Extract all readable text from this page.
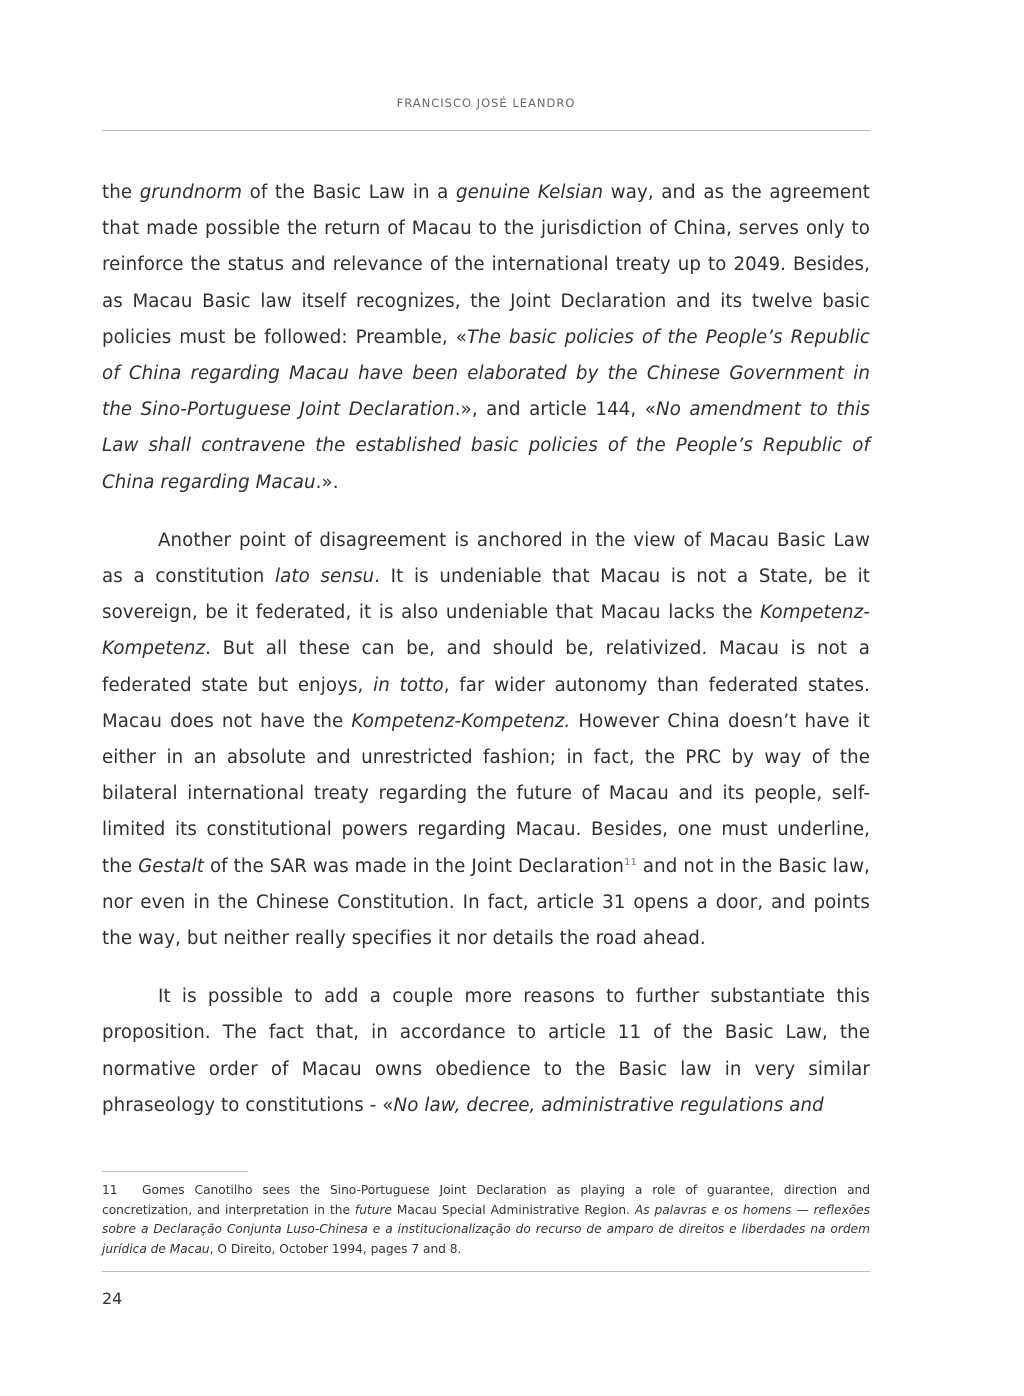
FRANCISCO JOSÉ LEANDRO

the grundnorm of the Basic Law in a genuine Kelsian way, and as the agreement that made possible the return of Macau to the jurisdiction of China, serves only to reinforce the status and relevance of the international treaty up to 2049. Besides, as Macau Basic law itself recognizes, the Joint Declaration and its twelve basic policies must be followed: Preamble, «The basic policies of the People’s Republic of China regarding Macau have been elaborated by the Chinese Government in the Sino-Portuguese Joint Declaration.», and article 144, «No amendment to this Law shall contravene the established basic policies of the People’s Republic of China regarding Macau.».

Another point of disagreement is anchored in the view of Macau Basic Law as a constitution lato sensu. It is undeniable that Macau is not a State, be it sovereign, be it federated, it is also undeniable that Macau lacks the Kompetenz-Kompetenz. But all these can be, and should be, relativized. Macau is not a federated state but enjoys, in totto, far wider autonomy than federated states. Macau does not have the Kompetenz-Kompetenz. However China doesn’t have it either in an absolute and unrestricted fashion; in fact, the PRC by way of the bilateral international treaty regarding the future of Macau and its people, self-limited its constitutional powers regarding Macau. Besides, one must underline, the Gestalt of the SAR was made in the Joint Declaration$^{11}$ and not in the Basic law, nor even in the Chinese Constitution. In fact, article 31 opens a door, and points the way, but neither really specifies it nor details the road ahead.

It is possible to add a couple more reasons to further substantiate this proposition. The fact that, in accordance to article 11 of the Basic Law, the normative order of Macau owns obedience to the Basic law in very similar phraseology to constitutions - «No law, decree, administrative regulations and

11 Gomes Canotilho sees the Sino-Portuguese Joint Declaration as playing a role of guarantee, direction and concretization, and interpretation in the future Macau Special Administrative Region. As palavras e os homens — reflexões sobre a Declaração Conjunta Luso-Chinesa e a institucionalização do recurso de amparo de direitos e liberdades na ordem jurídica de Macau, O Direito, October 1994, pages 7 and 8.
24
